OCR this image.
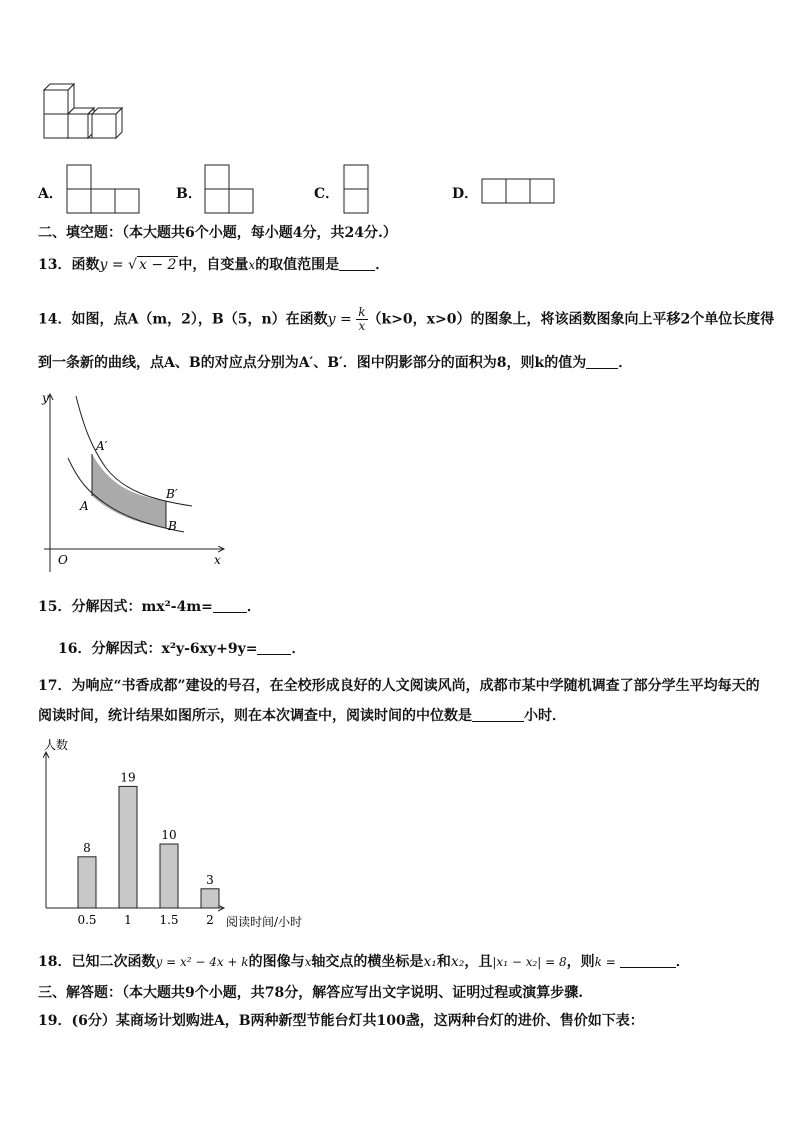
A．	B．	C．	D．
二、填空题：（本大题共6个小题，每小题4分，共24分.）
13．函数y = √ x − 2 中，自变量x的取值范围是	．
14．如图，点A（m，2），B（5，n）在函数$y = \frac{k}{x} (k>0$，x>0）的图象上，将该函数图象向上平移2个单位长度得
到一条新的曲线，点A、B的对应点分别为A′、B′．图中阴影部分的面积为8，则k的值为 ．
y
x
O
A′
B′
A
B
15．分解因式：mx²-4m= ．
16．分解因式：x²y-6xy+9y= ．
17．为响应“书香成都”建设的号召，在全校形成良好的人文阅读风尚，成都市某中学随机调查了部分学生平均每天的
阅读时间，统计结果如图所示，则在本次调查中，阅读时间的中位数是	小时．
人数
阅读时间/小时
8
0.5
19
1
10
1.5
3
2
18．已知二次函数y = x² − 4x + k的图像与x轴交点的横坐标是x₁和x₂，且|x₁ − x₂| = 8，则k =	．
三、解答题：（本大题共9个小题，共78分，解答应写出文字说明、证明过程或演算步骤.
19．(6分）某商场计划购进A，B两种新型节能台灯共100盏，这两种台灯的进价、售价如下表：
